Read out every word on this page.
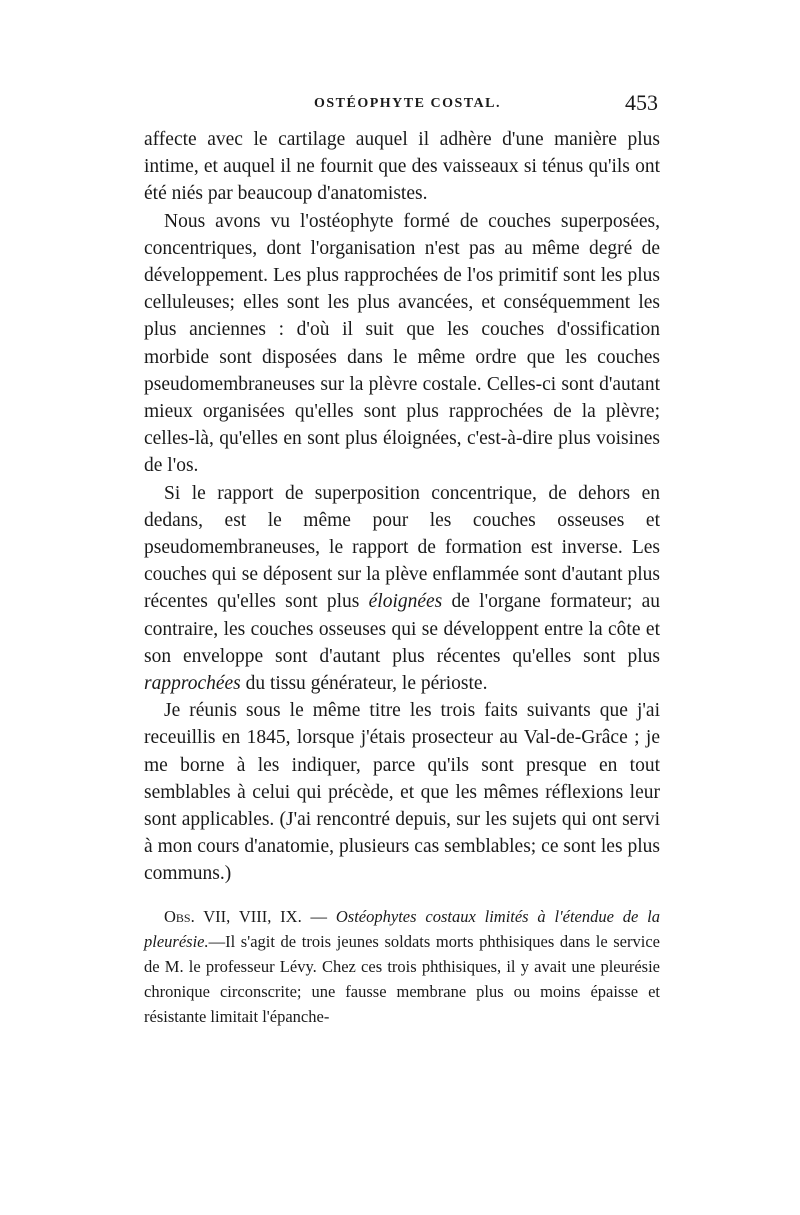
OSTÉOPHYTE COSTAL.	453

affecte avec le cartilage auquel il adhère d'une manière plus intime, et auquel il ne fournit que des vaisseaux si ténus qu'ils ont été niés par beaucoup d'anatomistes.

Nous avons vu l'ostéophyte formé de couches superposées, concentriques, dont l'organisation n'est pas au même degré de développement. Les plus rapprochées de l'os primitif sont les plus celluleuses; elles sont les plus avancées, et conséquemment les plus anciennes : d'où il suit que les couches d'ossification morbide sont disposées dans le même ordre que les couches pseudomembraneuses sur la plèvre costale. Celles-ci sont d'autant mieux organisées qu'elles sont plus rapprochées de la plèvre; celles-là, qu'elles en sont plus éloignées, c'est-à-dire plus voisines de l'os.

Si le rapport de superposition concentrique, de dehors en dedans, est le même pour les couches osseuses et pseudomembraneuses, le rapport de formation est inverse. Les couches qui se déposent sur la plève enflammée sont d'autant plus récentes qu'elles sont plus éloignées de l'organe formateur; au contraire, les couches osseuses qui se développent entre la côte et son enveloppe sont d'autant plus récentes qu'elles sont plus rapprochées du tissu générateur, le périoste.

Je réunis sous le même titre les trois faits suivants que j'ai receuillis en 1845, lorsque j'étais prosecteur au Val-de-Grâce ; je me borne à les indiquer, parce qu'ils sont presque en tout semblables à celui qui précède, et que les mêmes réflexions leur sont applicables. (J'ai rencontré depuis, sur les sujets qui ont servi à mon cours d'anatomie, plusieurs cas semblables; ce sont les plus communs.)

Obs. VII, VIII, IX. — Ostéophytes costaux limités à l'étendue de la pleurésie.—Il s'agit de trois jeunes soldats morts phthisiques dans le service de M. le professeur Lévy. Chez ces trois phthisiques, il y avait une pleurésie chronique circonscrite; une fausse membrane plus ou moins épaisse et résistante limitait l'épanche-
